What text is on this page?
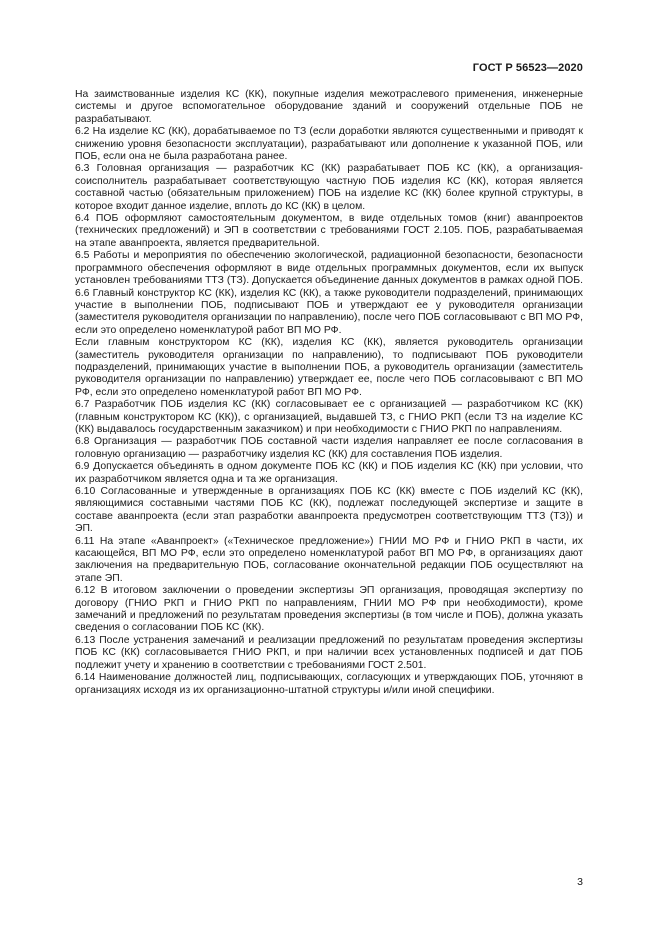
ГОСТ Р 56523—2020

На заимствованные изделия КС (КК), покупные изделия межотраслевого применения, инженерные системы и другое вспомогательное оборудование зданий и сооружений отдельные ПОБ не разрабатывают.

6.2 На изделие КС (КК), дорабатываемое по ТЗ (если доработки являются существенными и приводят к снижению уровня безопасности эксплуатации), разрабатывают или дополнение к указанной ПОБ, или ПОБ, если она не была разработана ранее.

6.3 Головная организация — разработчик КС (КК) разрабатывает ПОБ КС (КК), а организация-соисполнитель разрабатывает соответствующую частную ПОБ изделия КС (КК), которая является составной частью (обязательным приложением) ПОБ на изделие КС (КК) более крупной структуры, в которое входит данное изделие, вплоть до КС (КК) в целом.

6.4 ПОБ оформляют самостоятельным документом, в виде отдельных томов (книг) аванпроектов (технических предложений) и ЭП в соответствии с требованиями ГОСТ 2.105. ПОБ, разрабатываемая на этапе аванпроекта, является предварительной.

6.5 Работы и мероприятия по обеспечению экологической, радиационной безопасности, безопасности программного обеспечения оформляют в виде отдельных программных документов, если их выпуск установлен требованиями ТТЗ (ТЗ). Допускается объединение данных документов в рамках одной ПОБ.

6.6 Главный конструктор КС (КК), изделия КС (КК), а также руководители подразделений, принимающих участие в выполнении ПОБ, подписывают ПОБ и утверждают ее у руководителя организации (заместителя руководителя организации по направлению), после чего ПОБ согласовывают с ВП МО РФ, если это определено номенклатурой работ ВП МО РФ.

Если главным конструктором КС (КК), изделия КС (КК), является руководитель организации (заместитель руководителя организации по направлению), то подписывают ПОБ руководители подразделений, принимающих участие в выполнении ПОБ, а руководитель организации (заместитель руководителя организации по направлению) утверждает ее, после чего ПОБ согласовывают с ВП МО РФ, если это определено номенклатурой работ ВП МО РФ.

6.7 Разработчик ПОБ изделия КС (КК) согласовывает ее с организацией — разработчиком КС (КК) (главным конструктором КС (КК)), с организацией, выдавшей ТЗ, с ГНИО РКП (если ТЗ на изделие КС (КК) выдавалось государственным заказчиком) и при необходимости с ГНИО РКП по направлениям.

6.8 Организация — разработчик ПОБ составной части изделия направляет ее после согласования в головную организацию — разработчику изделия КС (КК) для составления ПОБ изделия.

6.9 Допускается объединять в одном документе ПОБ КС (КК) и ПОБ изделия КС (КК) при условии, что их разработчиком является одна и та же организация.

6.10 Согласованные и утвержденные в организациях ПОБ КС (КК) вместе с ПОБ изделий КС (КК), являющимися составными частями ПОБ КС (КК), подлежат последующей экспертизе и защите в составе аванпроекта (если этап разработки аванпроекта предусмотрен соответствующим ТТЗ (ТЗ)) и ЭП.

6.11 На этапе «Аванпроект» («Техническое предложение») ГНИИ МО РФ и ГНИО РКП в части, их касающейся, ВП МО РФ, если это определено номенклатурой работ ВП МО РФ, в организациях дают заключения на предварительную ПОБ, согласование окончательной редакции ПОБ осуществляют на этапе ЭП.

6.12 В итоговом заключении о проведении экспертизы ЭП организация, проводящая экспертизу по договору (ГНИО РКП и ГНИО РКП по направлениям, ГНИИ МО РФ при необходимости), кроме замечаний и предложений по результатам проведения экспертизы (в том числе и ПОБ), должна указать сведения о согласовании ПОБ КС (КК).

6.13 После устранения замечаний и реализации предложений по результатам проведения экспертизы ПОБ КС (КК) согласовывается ГНИО РКП, и при наличии всех установленных подписей и дат ПОБ подлежит учету и хранению в соответствии с требованиями ГОСТ 2.501.

6.14 Наименование должностей лиц, подписывающих, согласующих и утверждающих ПОБ, уточняют в организациях исходя из их организационно-штатной структуры и/или иной специфики.

3
